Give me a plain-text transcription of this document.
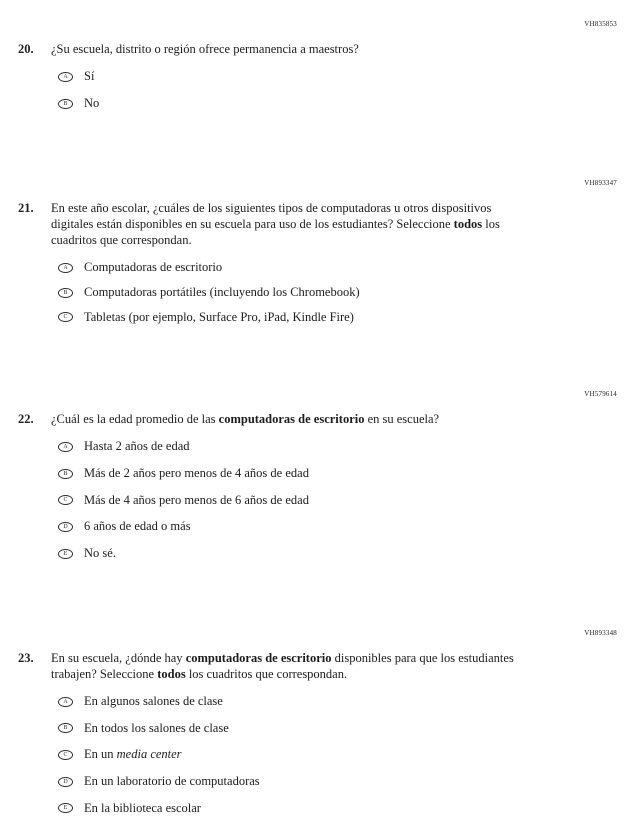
VH835853
20.	¿Su escuela, distrito o región ofrece permanencia a maestros?
A	Sí
B	No
VH893347
21.	En este año escolar, ¿cuáles de los siguientes tipos de computadoras u otros dispositivos digitales están disponibles en su escuela para uso de los estudiantes? Seleccione todos los cuadritos que correspondan.
A	Computadoras de escritorio
B	Computadoras portátiles (incluyendo los Chromebook)
C	Tabletas (por ejemplo, Surface Pro, iPad, Kindle Fire)
VH579614
22.	¿Cuál es la edad promedio de las computadoras de escritorio en su escuela?
A	Hasta 2 años de edad
B	Más de 2 años pero menos de 4 años de edad
C	Más de 4 años pero menos de 6 años de edad
D	6 años de edad o más
E	No sé.
VH893348
23.	En su escuela, ¿dónde hay computadoras de escritorio disponibles para que los estudiantes trabajen? Seleccione todos los cuadritos que correspondan.
A	En algunos salones de clase
B	En todos los salones de clase
C	En un media center
D	En un laboratorio de computadoras
E	En la biblioteca escolar
